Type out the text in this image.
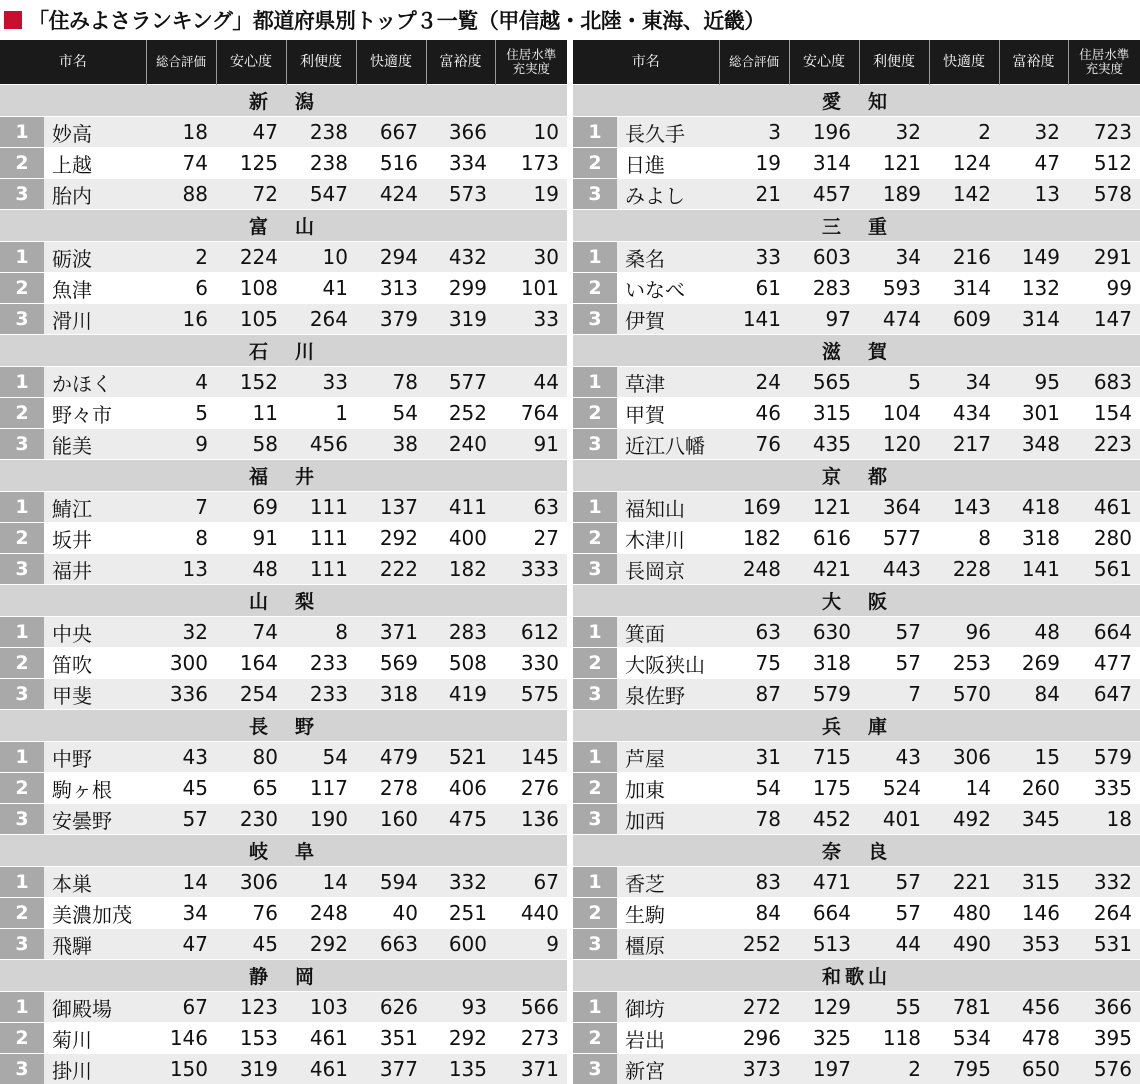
「住みよさランキング」都道府県別トップ３一覧（甲信越・北陸・東海、近畿）
市名		総合評価	安心度	利便度	快適度	富裕度	住居水準
充実度
新　潟							
1	妙高	18	47	238	667	366	10
2	上越	74	125	238	516	334	173
3	胎内	88	72	547	424	573	19
富　山							
1	砺波	2	224	10	294	432	30
2	魚津	6	108	41	313	299	101
3	滑川	16	105	264	379	319	33
石　川							
1	かほく	4	152	33	78	577	44
2	野々市	5	11	1	54	252	764
3	能美	9	58	456	38	240	91
福　井							
1	鯖江	7	69	111	137	411	63
2	坂井	8	91	111	292	400	27
3	福井	13	48	111	222	182	333
山　梨							
1	中央	32	74	8	371	283	612
2	笛吹	300	164	233	569	508	330
3	甲斐	336	254	233	318	419	575
長　野							
1	中野	43	80	54	479	521	145
2	駒ヶ根	45	65	117	278	406	276
3	安曇野	57	230	190	160	475	136
岐　阜							
1	本巣	14	306	14	594	332	67
2	美濃加茂	34	76	248	40	251	440
3	飛騨	47	45	292	663	600	9
静　岡							
1	御殿場	67	123	103	626	93	566
2	菊川	146	153	461	351	292	273
3	掛川	150	319	461	377	135	371
市名		総合評価	安心度	利便度	快適度	富裕度	住居水準
充実度
愛　知							
1	長久手	3	196	32	2	32	723
2	日進	19	314	121	124	47	512
3	みよし	21	457	189	142	13	578
三　重							
1	桑名	33	603	34	216	149	291
2	いなべ	61	283	593	314	132	99
3	伊賀	141	97	474	609	314	147
滋　賀							
1	草津	24	565	5	34	95	683
2	甲賀	46	315	104	434	301	154
3	近江八幡	76	435	120	217	348	223
京　都							
1	福知山	169	121	364	143	418	461
2	木津川	182	616	577	8	318	280
3	長岡京	248	421	443	228	141	561
大　阪							
1	箕面	63	630	57	96	48	664
2	大阪狭山	75	318	57	253	269	477
3	泉佐野	87	579	7	570	84	647
兵　庫							
1	芦屋	31	715	43	306	15	579
2	加東	54	175	524	14	260	335
3	加西	78	452	401	492	345	18
奈　良							
1	香芝	83	471	57	221	315	332
2	生駒	84	664	57	480	146	264
3	橿原	252	513	44	490	353	531
和歌山							
1	御坊	272	129	55	781	456	366
2	岩出	296	325	118	534	478	395
3	新宮	373	197	2	795	650	576
